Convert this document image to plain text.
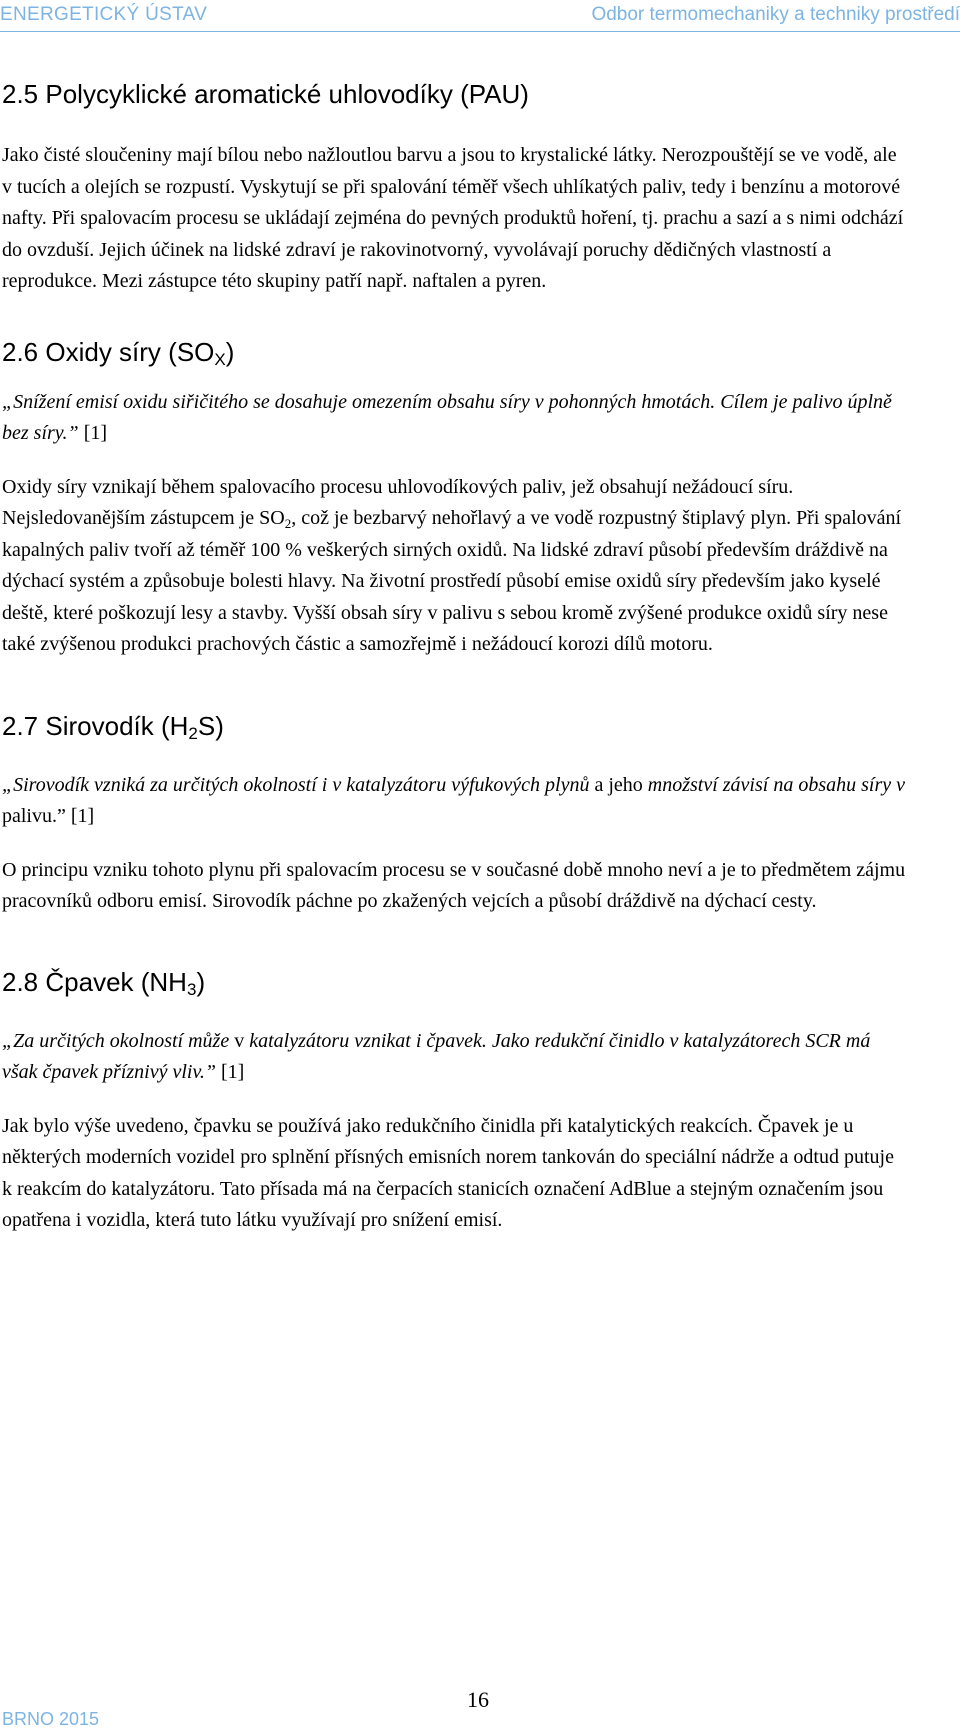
ENERGETICKÝ ÚSTAV	Odbor termomechaniky a techniky prostředí
2.5 Polycyklické aromatické uhlovodíky (PAU)

Jako čisté sloučeniny mají bílou nebo nažloutlou barvu a jsou to krystalické látky. Nerozpouštějí se ve vodě, ale v tucích a olejích se rozpustí. Vyskytují se při spalování téměř všech uhlíkatých paliv, tedy i benzínu a motorové nafty. Při spalovacím procesu se ukládají zejména do pevných produktů hoření, tj. prachu a sazí a s nimi odchází do ovzduší. Jejich účinek na lidské zdraví je rakovinotvorný, vyvolávají poruchy dědičných vlastností a reprodukce. Mezi zástupce této skupiny patří např. naftalen a pyren.

2.6 Oxidy síry $(SO_X)$

„Snížení emisí oxidu siřičitého se dosahuje omezením obsahu síry v pohonných hmotách. Cílem je palivo úplně bez síry.” [1]

Oxidy síry vznikají během spalovacího procesu uhlovodíkových paliv, jež obsahují nežádoucí síru. Nejsledovanějším zástupcem je $SO_2$, což je bezbarvý nehořlavý a ve vodě rozpustný štiplavý plyn. Při spalování kapalných paliv tvoří až téměř 100 % veškerých sirných oxidů. Na lidské zdraví působí především dráždivě na dýchací systém a způsobuje bolesti hlavy. Na životní prostředí působí emise oxidů síry především jako kyselé deště, které poškozují lesy a stavby. Vyšší obsah síry v palivu s sebou kromě zvýšené produkce oxidů síry nese také zvýšenou produkci prachových částic a samozřejmě i nežádoucí korozi dílů motoru.

2.7 Sirovodík $(H_2S)$

„Sirovodík vzniká za určitých okolností i v katalyzátoru výfukových plynů a jeho množství závisí na obsahu síry v palivu.” [1]

O principu vzniku tohoto plynu při spalovacím procesu se v současné době mnoho neví a je to předmětem zájmu pracovníků odboru emisí. Sirovodík páchne po zkažených vejcích a působí dráždivě na dýchací cesty.

2.8 Čpavek $(NH_3)$

„Za určitých okolností může v katalyzátoru vznikat i čpavek. Jako redukční činidlo v katalyzátorech SCR má však čpavek příznivý vliv.” [1]

Jak bylo výše uvedeno, čpavku se používá jako redukčního činidla při katalytických reakcích. Čpavek je u některých moderních vozidel pro splnění přísných emisních norem tankován do speciální nádrže a odtud putuje k reakcím do katalyzátoru. Tato přísada má na čerpacích stanicích označení AdBlue a stejným označením jsou opatřena i vozidla, která tuto látku využívají pro snížení emisí.

16
BRNO 2015
